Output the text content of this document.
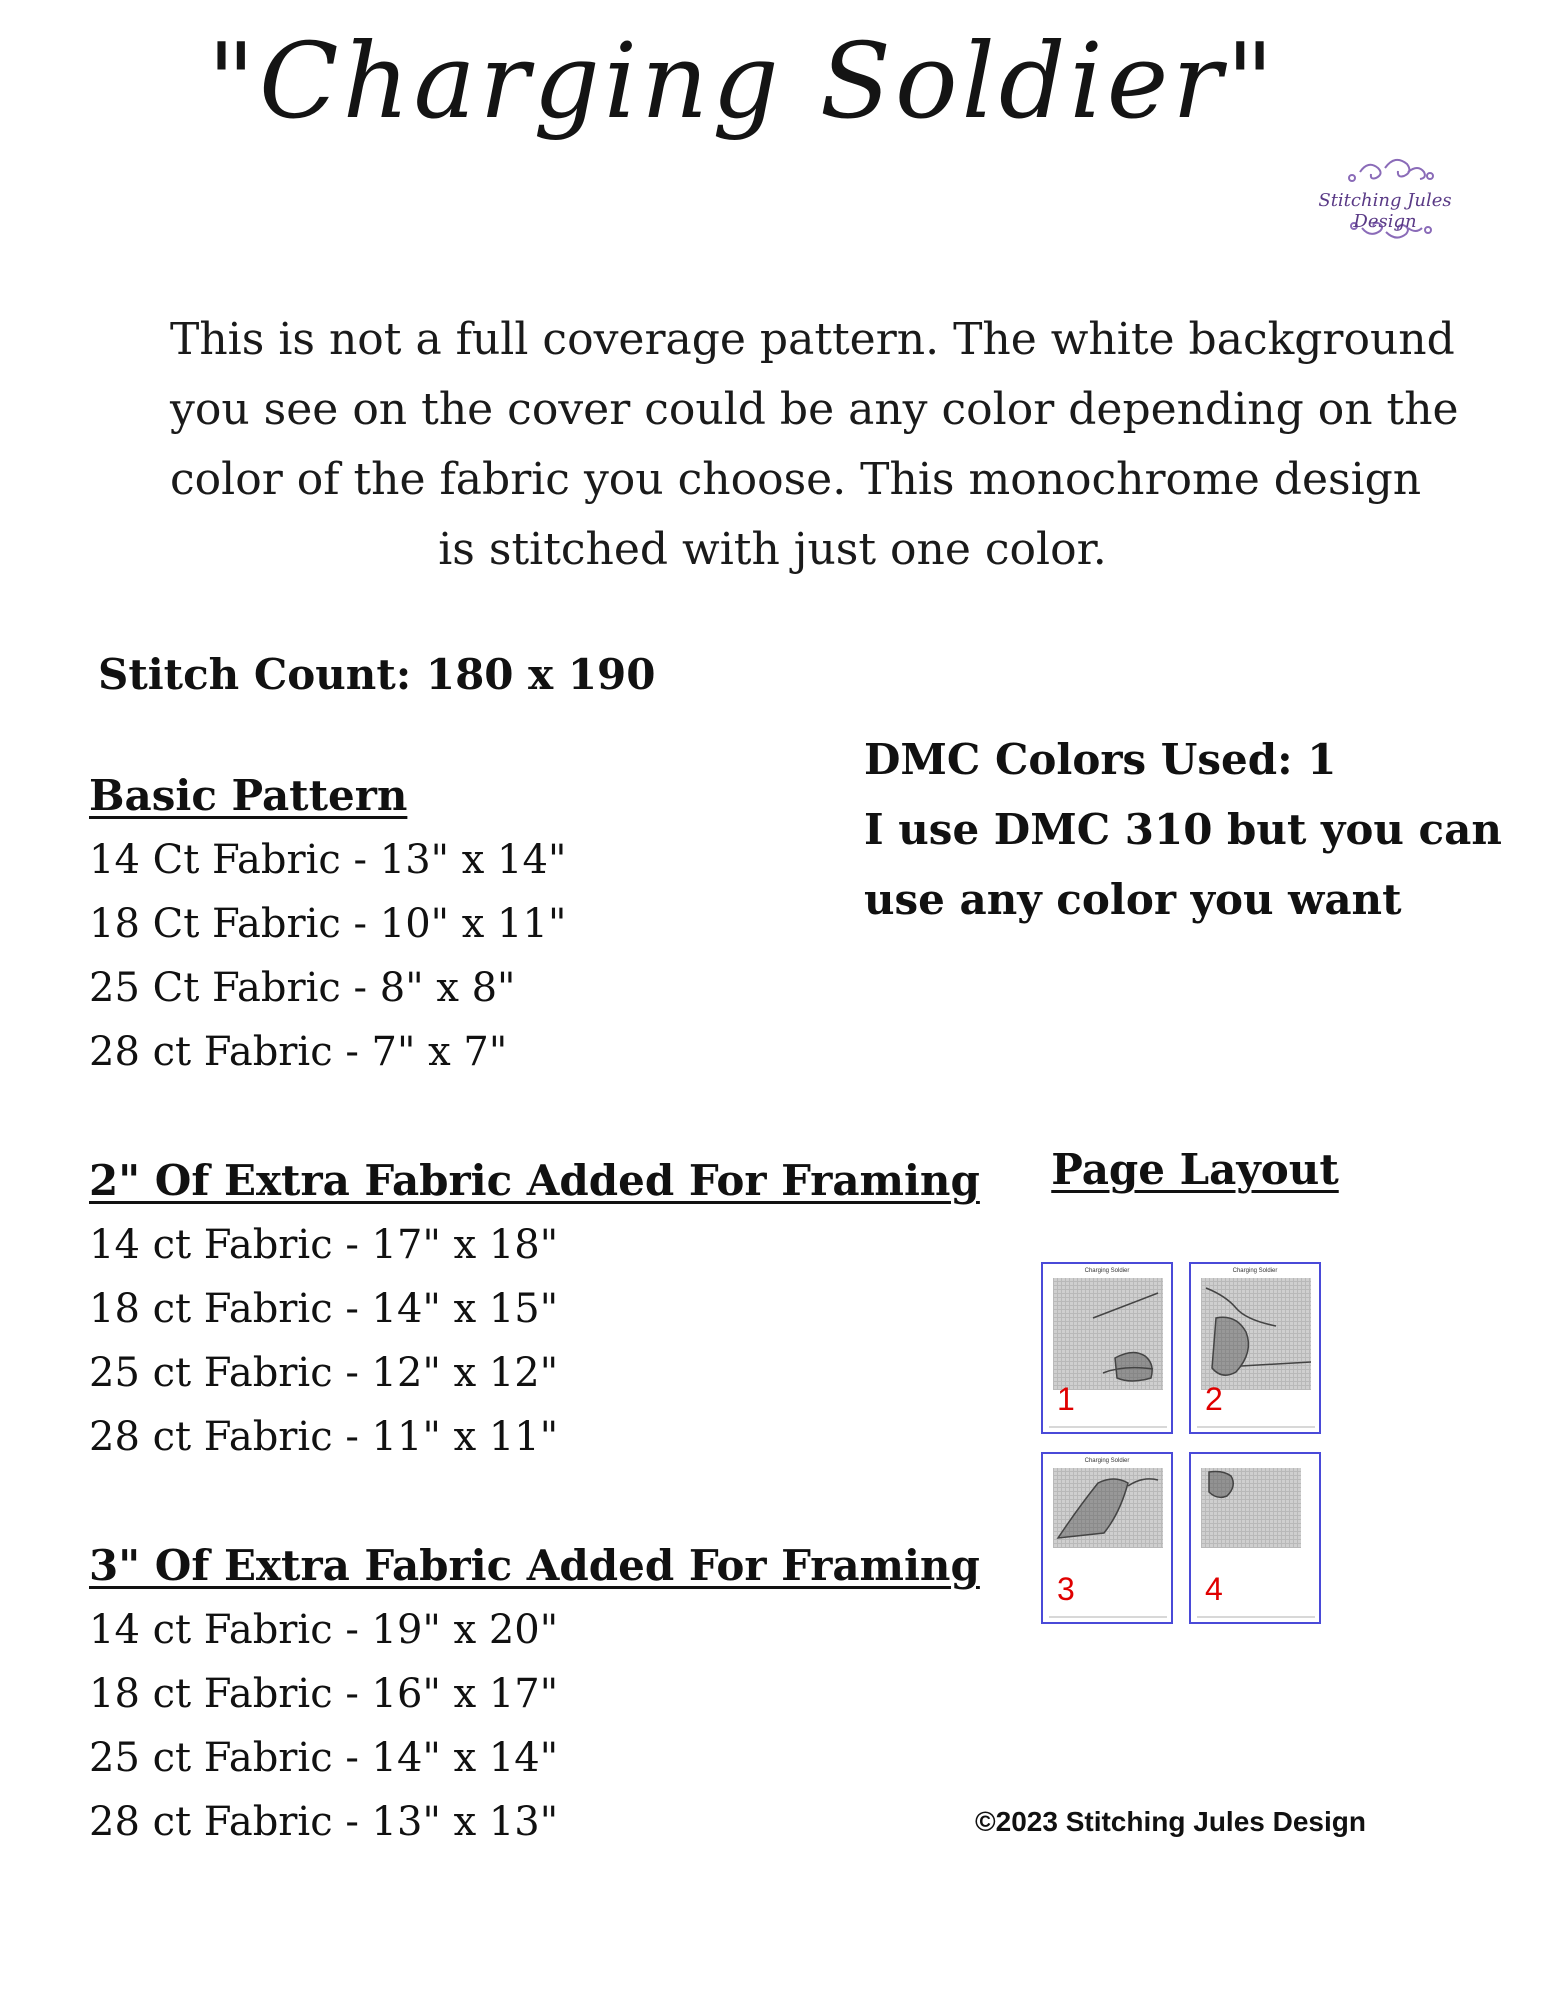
"Charging Soldier"
Stitching Jules Design
This is not a full coverage pattern. The white background
you see on the cover could be any color depending on the
color of the fabric you choose. This monochrome design
is stitched with just one color.
Stitch Count: 180 x 190
DMC Colors Used: 1
I use DMC 310 but you can
use any color you want
Basic Pattern
14 Ct Fabric - 13" x 14"
18 Ct Fabric - 10" x 11"
25 Ct Fabric - 8" x 8"
28 ct Fabric - 7" x 7"
2" Of Extra Fabric Added For Framing
14 ct Fabric - 17" x 18"
18 ct Fabric - 14" x 15"
25 ct Fabric - 12" x 12"
28 ct Fabric - 11" x 11"
3" Of Extra Fabric Added For Framing
14 ct Fabric - 19" x 20"
18 ct Fabric - 16" x 17"
25 ct Fabric - 14" x 14"
28 ct Fabric - 13" x 13"
Page Layout
Charging Soldier
1
Charging Soldier
2
Charging Soldier
3	4
©2023 Stitching Jules Design
